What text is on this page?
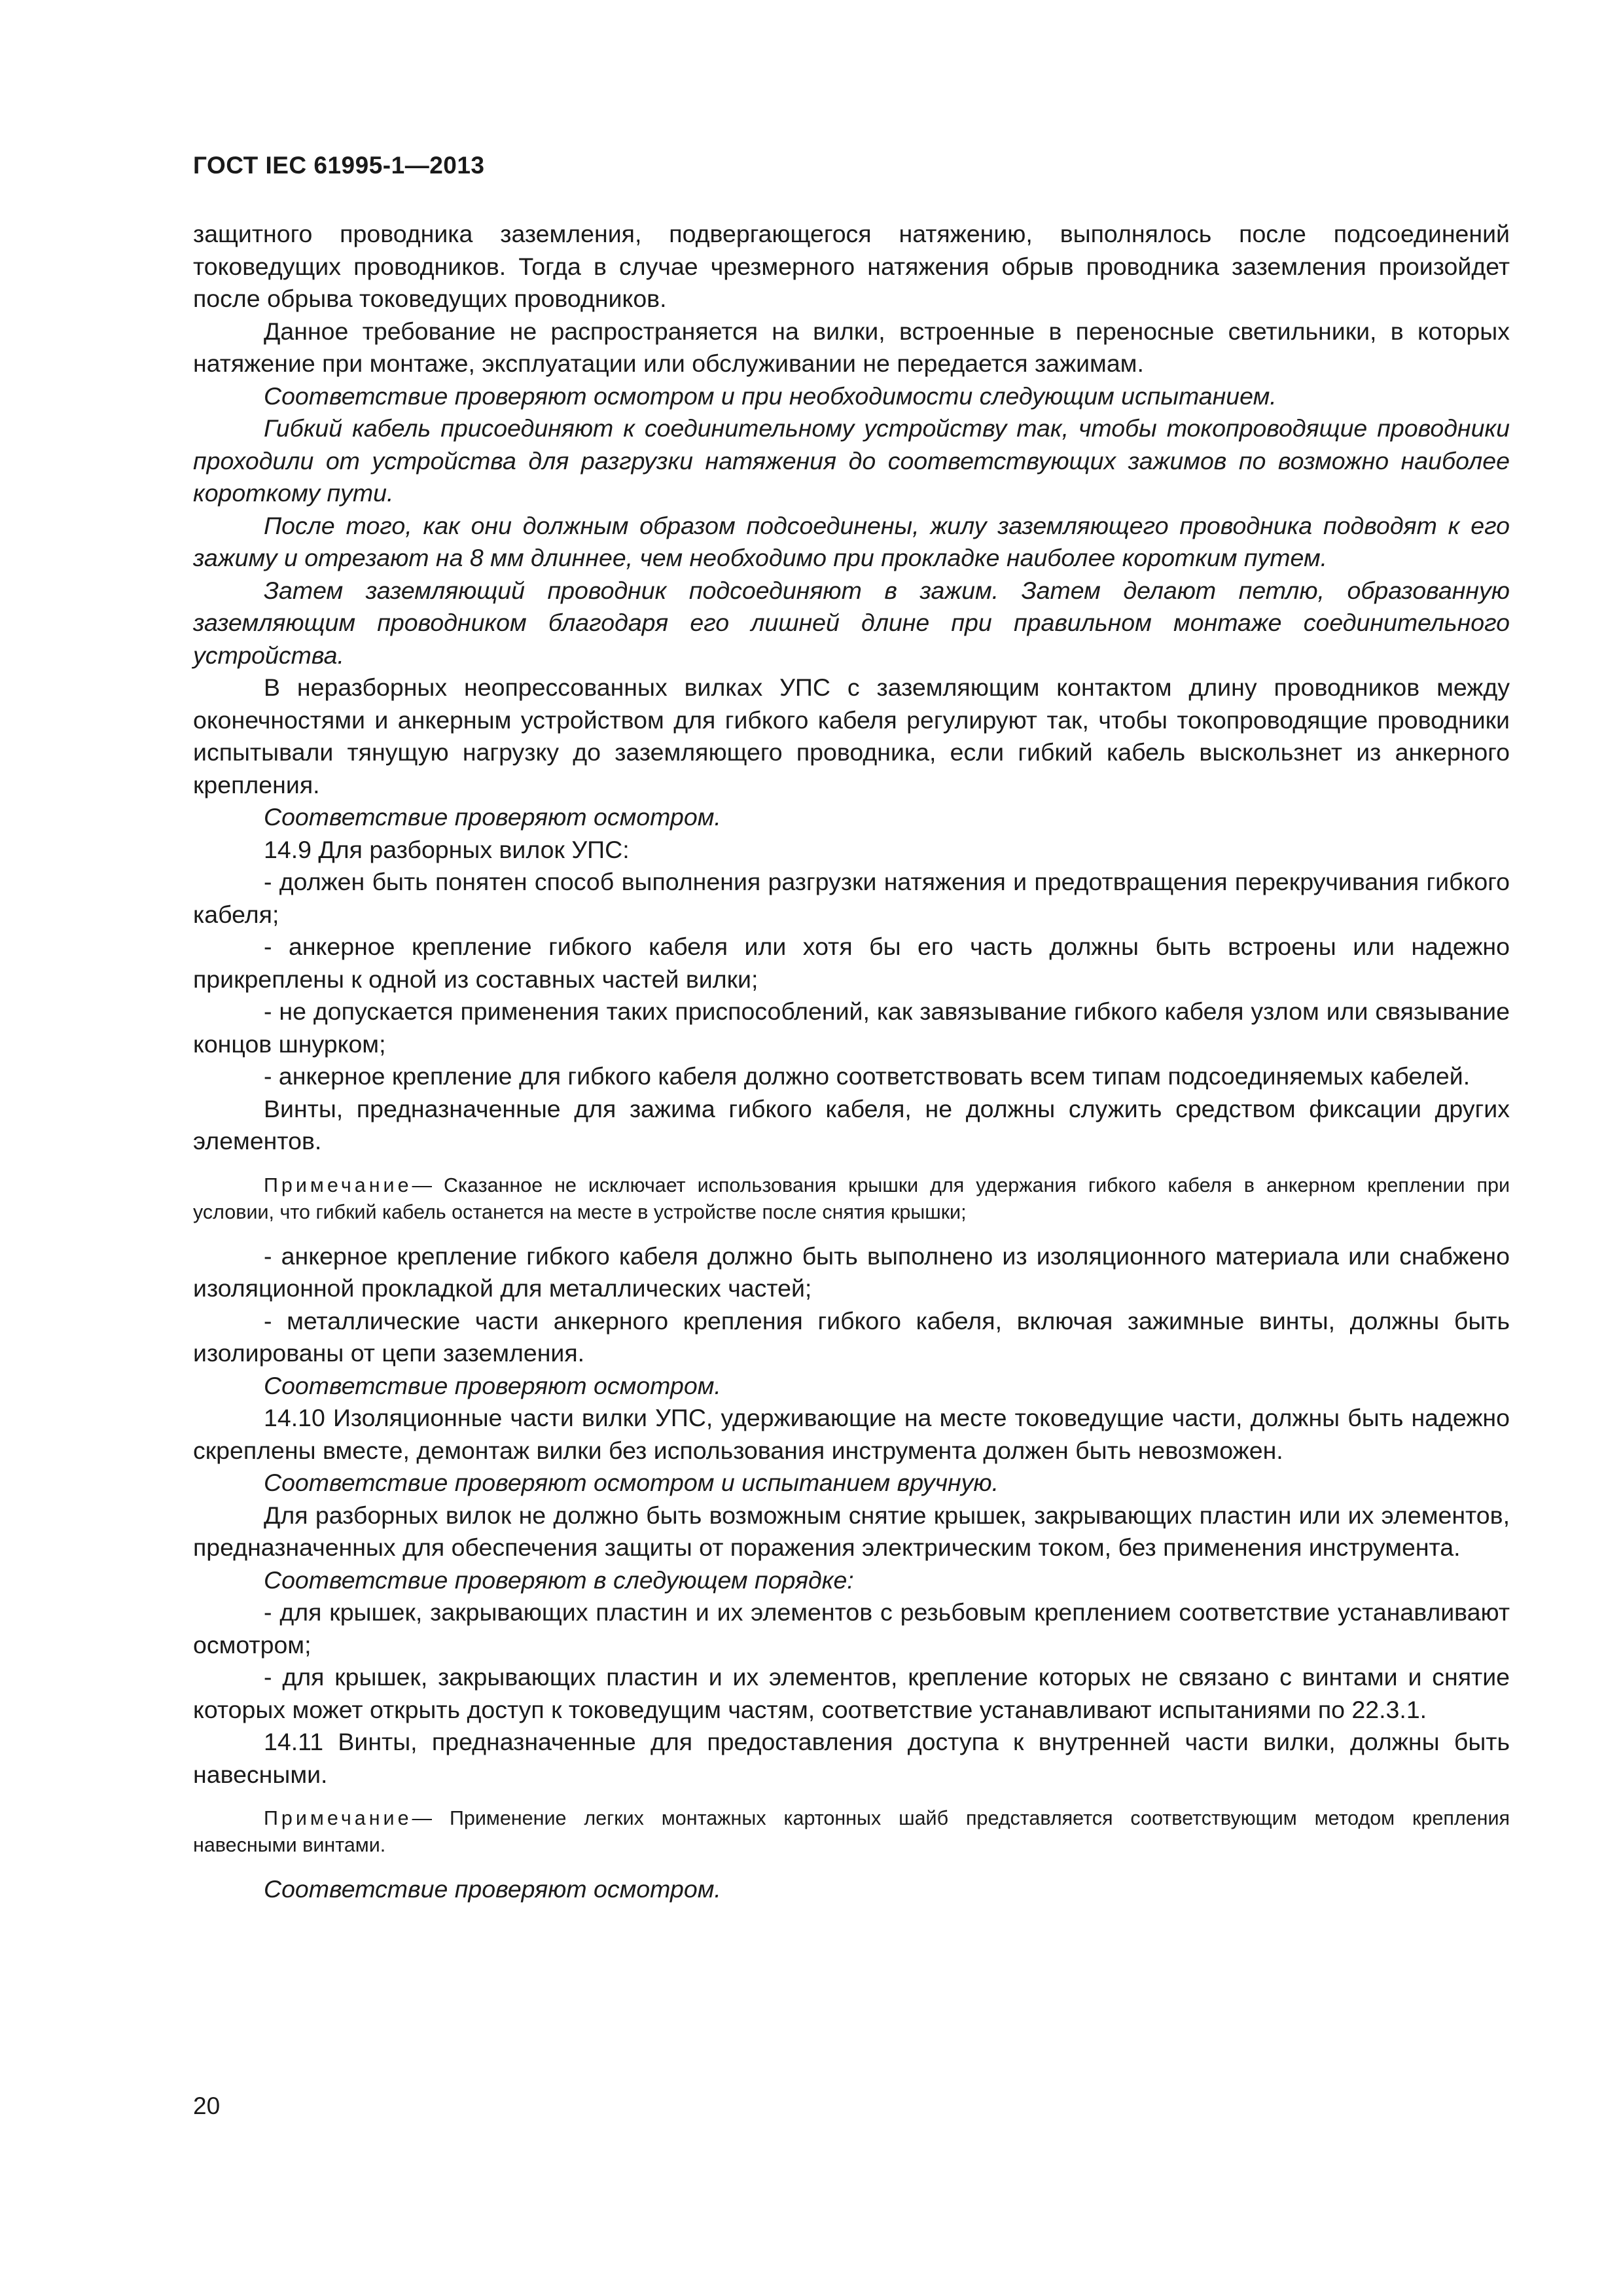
ГОСТ IEC 61995-1—2013

защитного проводника заземления, подвергающегося натяжению, выполнялось после подсоединений токоведущих проводников. Тогда в случае чрезмерного натяжения обрыв проводника заземления произойдет после обрыва токоведущих проводников.

Данное требование не распространяется на вилки, встроенные в переносные светильники, в которых натяжение при монтаже, эксплуатации или обслуживании не передается зажимам.

Соответствие проверяют осмотром и при необходимости следующим испытанием.

Гибкий кабель присоединяют к соединительному устройству так, чтобы токопроводящие проводники проходили от устройства для разгрузки натяжения до соответствующих зажимов по возможно наиболее короткому пути.

После того, как они должным образом подсоединены, жилу заземляющего проводника подводят к его зажиму и отрезают на 8 мм длиннее, чем необходимо при прокладке наиболее коротким путем.

Затем заземляющий проводник подсоединяют в зажим. Затем делают петлю, образованную заземляющим проводником благодаря его лишней длине при правильном монтаже соединительного устройства.

В неразборных неопрессованных вилках УПС с заземляющим контактом длину проводников между оконечностями и анкерным устройством для гибкого кабеля регулируют так, чтобы токопроводящие проводники испытывали тянущую нагрузку до заземляющего проводника, если гибкий кабель выскользнет из анкерного крепления.

Соответствие проверяют осмотром.

14.9 Для разборных вилок УПС:

- должен быть понятен способ выполнения разгрузки натяжения и предотвращения перекручивания гибкого кабеля;

- анкерное крепление гибкого кабеля или хотя бы его часть должны быть встроены или надежно прикреплены к одной из составных частей вилки;

- не допускается применения таких приспособлений, как завязывание гибкого кабеля узлом или связывание концов шнурком;

- анкерное крепление для гибкого кабеля должно соответствовать всем типам подсоединяемых кабелей.

Винты, предназначенные для зажима гибкого кабеля, не должны служить средством фиксации других элементов.

Примечание— Сказанное не исключает использования крышки для удержания гибкого кабеля в анкерном креплении при условии, что гибкий кабель останется на месте в устройстве после снятия крышки;

- анкерное крепление гибкого кабеля должно быть выполнено из изоляционного материала или снабжено изоляционной прокладкой для металлических частей;

- металлические части анкерного крепления гибкого кабеля, включая зажимные винты, должны быть изолированы от цепи заземления.

Соответствие проверяют осмотром.

14.10 Изоляционные части вилки УПС, удерживающие на месте токоведущие части, должны быть надежно скреплены вместе, демонтаж вилки без использования инструмента должен быть невозможен.

Соответствие проверяют осмотром и испытанием вручную.

Для разборных вилок не должно быть возможным снятие крышек, закрывающих пластин или их элементов, предназначенных для обеспечения защиты от поражения электрическим током, без применения инструмента.

Соответствие проверяют в следующем порядке:

- для крышек, закрывающих пластин и их элементов с резьбовым креплением соответствие устанавливают осмотром;

- для крышек, закрывающих пластин и их элементов, крепление которых не связано с винтами и снятие которых может открыть доступ к токоведущим частям, соответствие устанавливают испытаниями по 22.3.1.

14.11 Винты, предназначенные для предоставления доступа к внутренней части вилки, должны быть навесными.

Примечание— Применение легких монтажных картонных шайб представляется соответствующим методом крепления навесными винтами.

Соответствие проверяют осмотром.

20
